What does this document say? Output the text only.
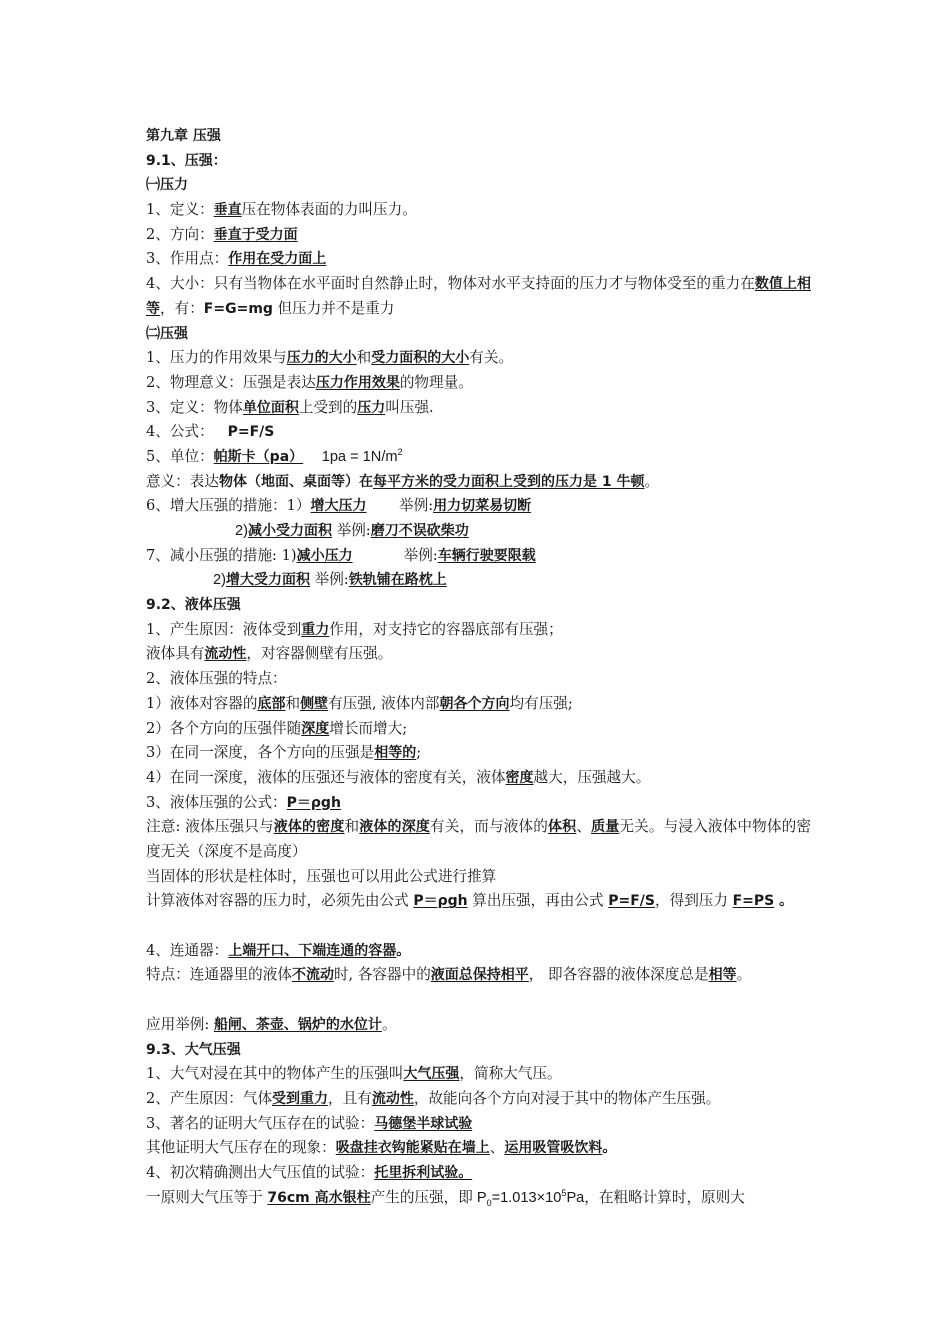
第九章 压强
9.1、压强：
㈠压力
1、定义：垂直压在物体表面的力叫压力。
2、方向：垂直于受力面
3、作用点：作用在受力面上
4、大小：只有当物体在水平面时自然静止时，物体对水平支持面的压力才与物体受至的重力在数值上相等，有：F=G=mg 但压力并不是重力
㈡压强
1、压力的作用效果与压力的大小和受力面积的大小有关。
2、物理意义：压强是表达压力作用效果的物理量。
3、定义：物体单位面积上受到的压力叫压强.
4、公式： P=F/S
5、单位：帕斯卡（pa） $1pa = 1N/m^2$
意义：表达物体（地面、桌面等）在每平方米的受力面积上受到的压力是 1 牛顿。
6、增大压强的措施：1）增大压力 举例:用力切菜易切断
2)减小受力面积 举例:磨刀不误砍柴功
7、减小压强的措施: 1)减小压力	举例:车辆行驶要限载
2)增大受力面积 举例:铁轨铺在路枕上
9.2、液体压强
1、产生原因：液体受到重力作用，对支持它的容器底部有压强；
液体具有流动性，对容器侧壁有压强。
2、液体压强的特点：
1）液体对容器的底部和侧壁有压强, 液体内部朝各个方向均有压强;
2）各个方向的压强伴随深度增长而增大;
3）在同一深度，各个方向的压强是相等的;
4）在同一深度，液体的压强还与液体的密度有关，液体密度越大，压强越大。
3、液体压强的公式：P＝ρgh
注意: 液体压强只与液体的密度和液体的深度有关，而与液体的体积、质量无关。与浸入液体中物体的密度无关（深度不是高度）
当固体的形状是柱体时，压强也可以用此公式进行推算
计算液体对容器的压力时，必须先由公式 P＝ρgh 算出压强，再由公式 P=F/S，得到压力 F=PS 。
4、连通器：上端开口、下端连通的容器。
特点：连通器里的液体不流动时, 各容器中的液面总保持相平， 即各容器的液体深度总是相等。
应用举例: 船闸、茶壶、锅炉的水位计。
9.3、大气压强
1、大气对浸在其中的物体产生的压强叫大气压强，简称大气压。
2、产生原因：气体受到重力，且有流动性，故能向各个方向对浸于其中的物体产生压强。
3、著名的证明大气压存在的试验：马德堡半球试验
其他证明大气压存在的现象：吸盘挂衣钩能紧贴在墙上、运用吸管吸饮料。
4、初次精确测出大气压值的试验：托里拆利试验。
一原则大气压等于 76cm 高水银柱产生的压强，即 $P_0=1.013\times 10^5Pa$，在粗略计算时，原则大
